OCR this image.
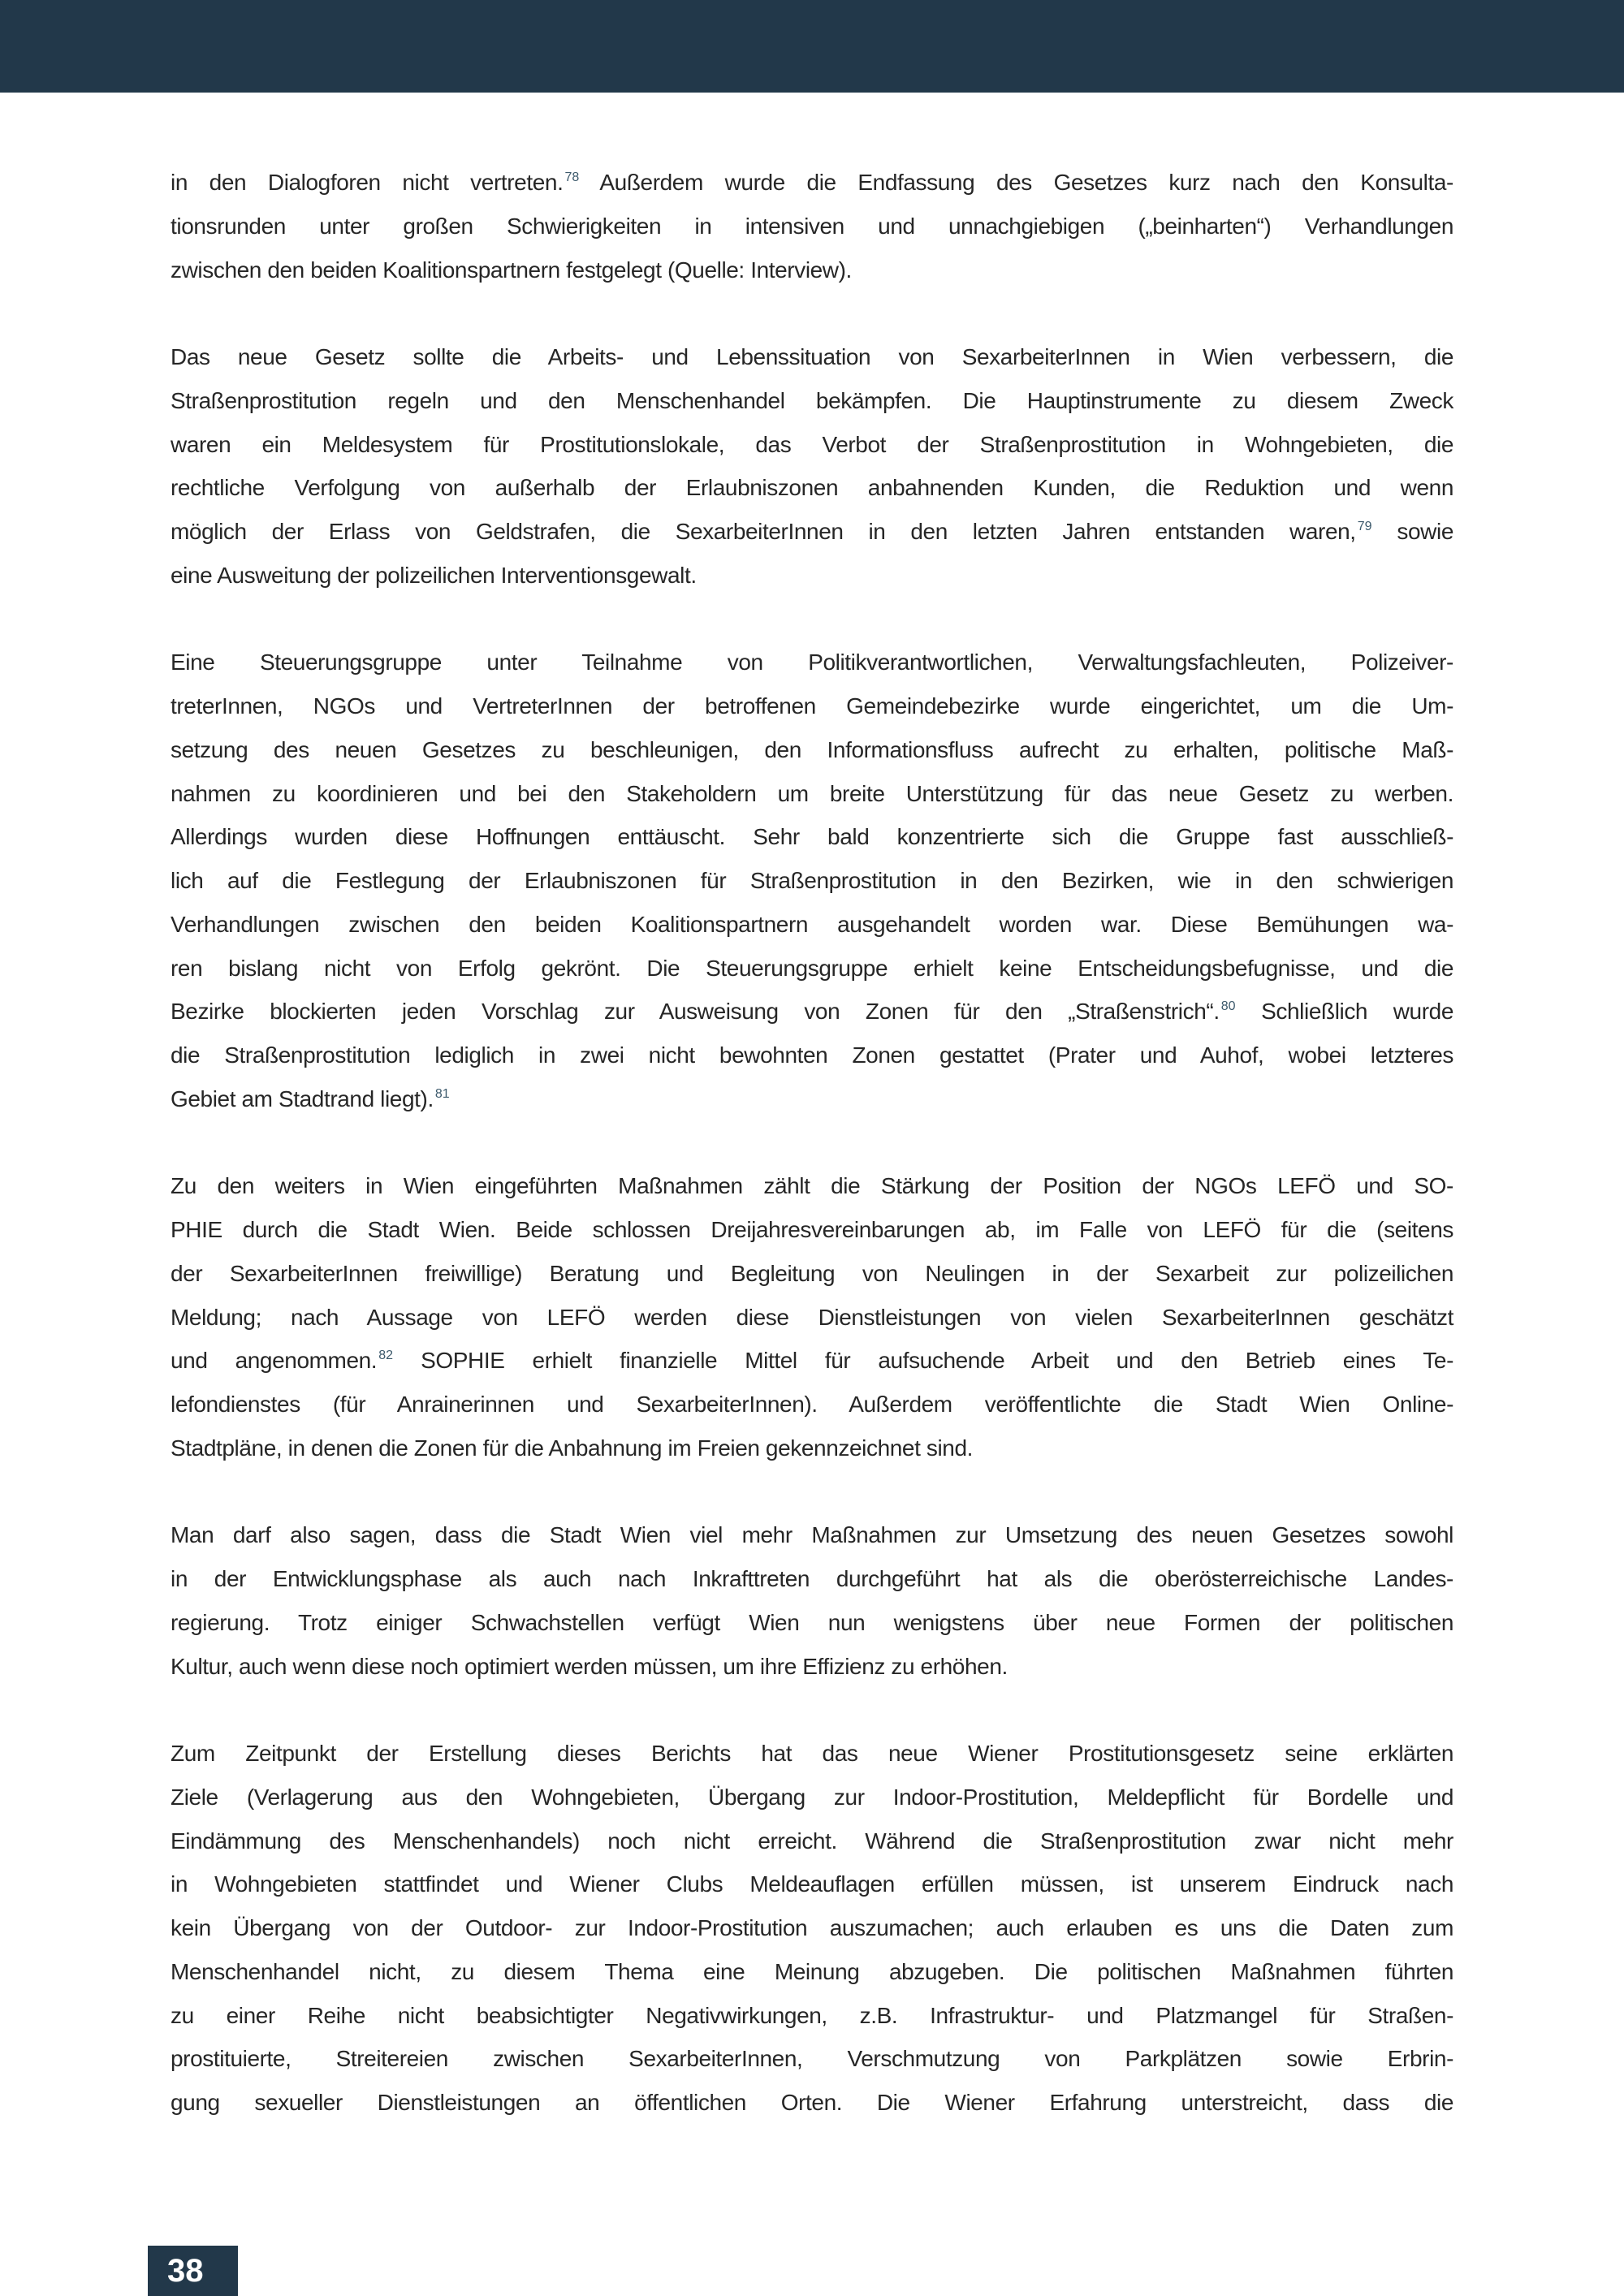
in den Dialogforen nicht vertreten. $^{78}$ Außerdem wurde die Endfassung des Gesetzes kurz nach den Konsulta-
tionsrunden unter großen Schwierigkeiten in intensiven und unnachgiebigen („beinharten“) Verhandlungen
zwischen den beiden Koalitionspartnern festgelegt (Quelle: Interview).
Das neue Gesetz sollte die Arbeits- und Lebenssituation von SexarbeiterInnen in Wien verbessern, die
Straßenprostitution regeln und den Menschenhandel bekämpfen. Die Hauptinstrumente zu diesem Zweck
waren ein Meldesystem für Prostitutionslokale, das Verbot der Straßenprostitution in Wohngebieten, die
rechtliche Verfolgung von außerhalb der Erlaubniszonen anbahnenden Kunden, die Reduktion und wenn
möglich der Erlass von Geldstrafen, die SexarbeiterInnen in den letzten Jahren entstanden waren, $^{79}$ sowie
eine Ausweitung der polizeilichen Interventionsgewalt.
Eine Steuerungsgruppe unter Teilnahme von Politikverantwortlichen, Verwaltungsfachleuten, Polizeiver-
treterInnen, NGOs und VertreterInnen der betroffenen Gemeindebezirke wurde eingerichtet, um die Um-
setzung des neuen Gesetzes zu beschleunigen, den Informationsfluss aufrecht zu erhalten, politische Maß-
nahmen zu koordinieren und bei den Stakeholdern um breite Unterstützung für das neue Gesetz zu werben.
Allerdings wurden diese Hoffnungen enttäuscht. Sehr bald konzentrierte sich die Gruppe fast ausschließ-
lich auf die Festlegung der Erlaubniszonen für Straßenprostitution in den Bezirken, wie in den schwierigen
Verhandlungen zwischen den beiden Koalitionspartnern ausgehandelt worden war. Diese Bemühungen wa-
ren bislang nicht von Erfolg gekrönt. Die Steuerungsgruppe erhielt keine Entscheidungsbefugnisse, und die
Bezirke blockierten jeden Vorschlag zur Ausweisung von Zonen für den „Straßenstrich“. $^{80}$ Schließlich wurde
die Straßenprostitution lediglich in zwei nicht bewohnten Zonen gestattet (Prater und Auhof, wobei letzteres
Gebiet am Stadtrand liegt). $^{81}$
Zu den weiters in Wien eingeführten Maßnahmen zählt die Stärkung der Position der NGOs LEFÖ und SO-
PHIE durch die Stadt Wien. Beide schlossen Dreijahresvereinbarungen ab, im Falle von LEFÖ für die (seitens
der SexarbeiterInnen freiwillige) Beratung und Begleitung von Neulingen in der Sexarbeit zur polizeilichen
Meldung; nach Aussage von LEFÖ werden diese Dienstleistungen von vielen SexarbeiterInnen geschätzt
und angenommen. $^{82}$ SOPHIE erhielt finanzielle Mittel für aufsuchende Arbeit und den Betrieb eines Te-
lefondienstes (für Anrainerinnen und SexarbeiterInnen). Außerdem veröffentlichte die Stadt Wien Online-
Stadtpläne, in denen die Zonen für die Anbahnung im Freien gekennzeichnet sind.
Man darf also sagen, dass die Stadt Wien viel mehr Maßnahmen zur Umsetzung des neuen Gesetzes sowohl
in der Entwicklungsphase als auch nach Inkrafttreten durchgeführt hat als die oberösterreichische Landes-
regierung. Trotz einiger Schwachstellen verfügt Wien nun wenigstens über neue Formen der politischen
Kultur, auch wenn diese noch optimiert werden müssen, um ihre Effizienz zu erhöhen.
Zum Zeitpunkt der Erstellung dieses Berichts hat das neue Wiener Prostitutionsgesetz seine erklärten
Ziele (Verlagerung aus den Wohngebieten, Übergang zur Indoor-Prostitution, Meldepflicht für Bordelle und
Eindämmung des Menschenhandels) noch nicht erreicht. Während die Straßenprostitution zwar nicht mehr
in Wohngebieten stattfindet und Wiener Clubs Meldeauflagen erfüllen müssen, ist unserem Eindruck nach
kein Übergang von der Outdoor- zur Indoor-Prostitution auszumachen; auch erlauben es uns die Daten zum
Menschenhandel nicht, zu diesem Thema eine Meinung abzugeben. Die politischen Maßnahmen führten
zu einer Reihe nicht beabsichtigter Negativwirkungen, z.B. Infrastruktur- und Platzmangel für Straßen-
prostituierte, Streitereien zwischen SexarbeiterInnen, Verschmutzung von Parkplätzen sowie Erbrin-
gung sexueller Dienstleistungen an öffentlichen Orten. Die Wiener Erfahrung unterstreicht, dass die
38
